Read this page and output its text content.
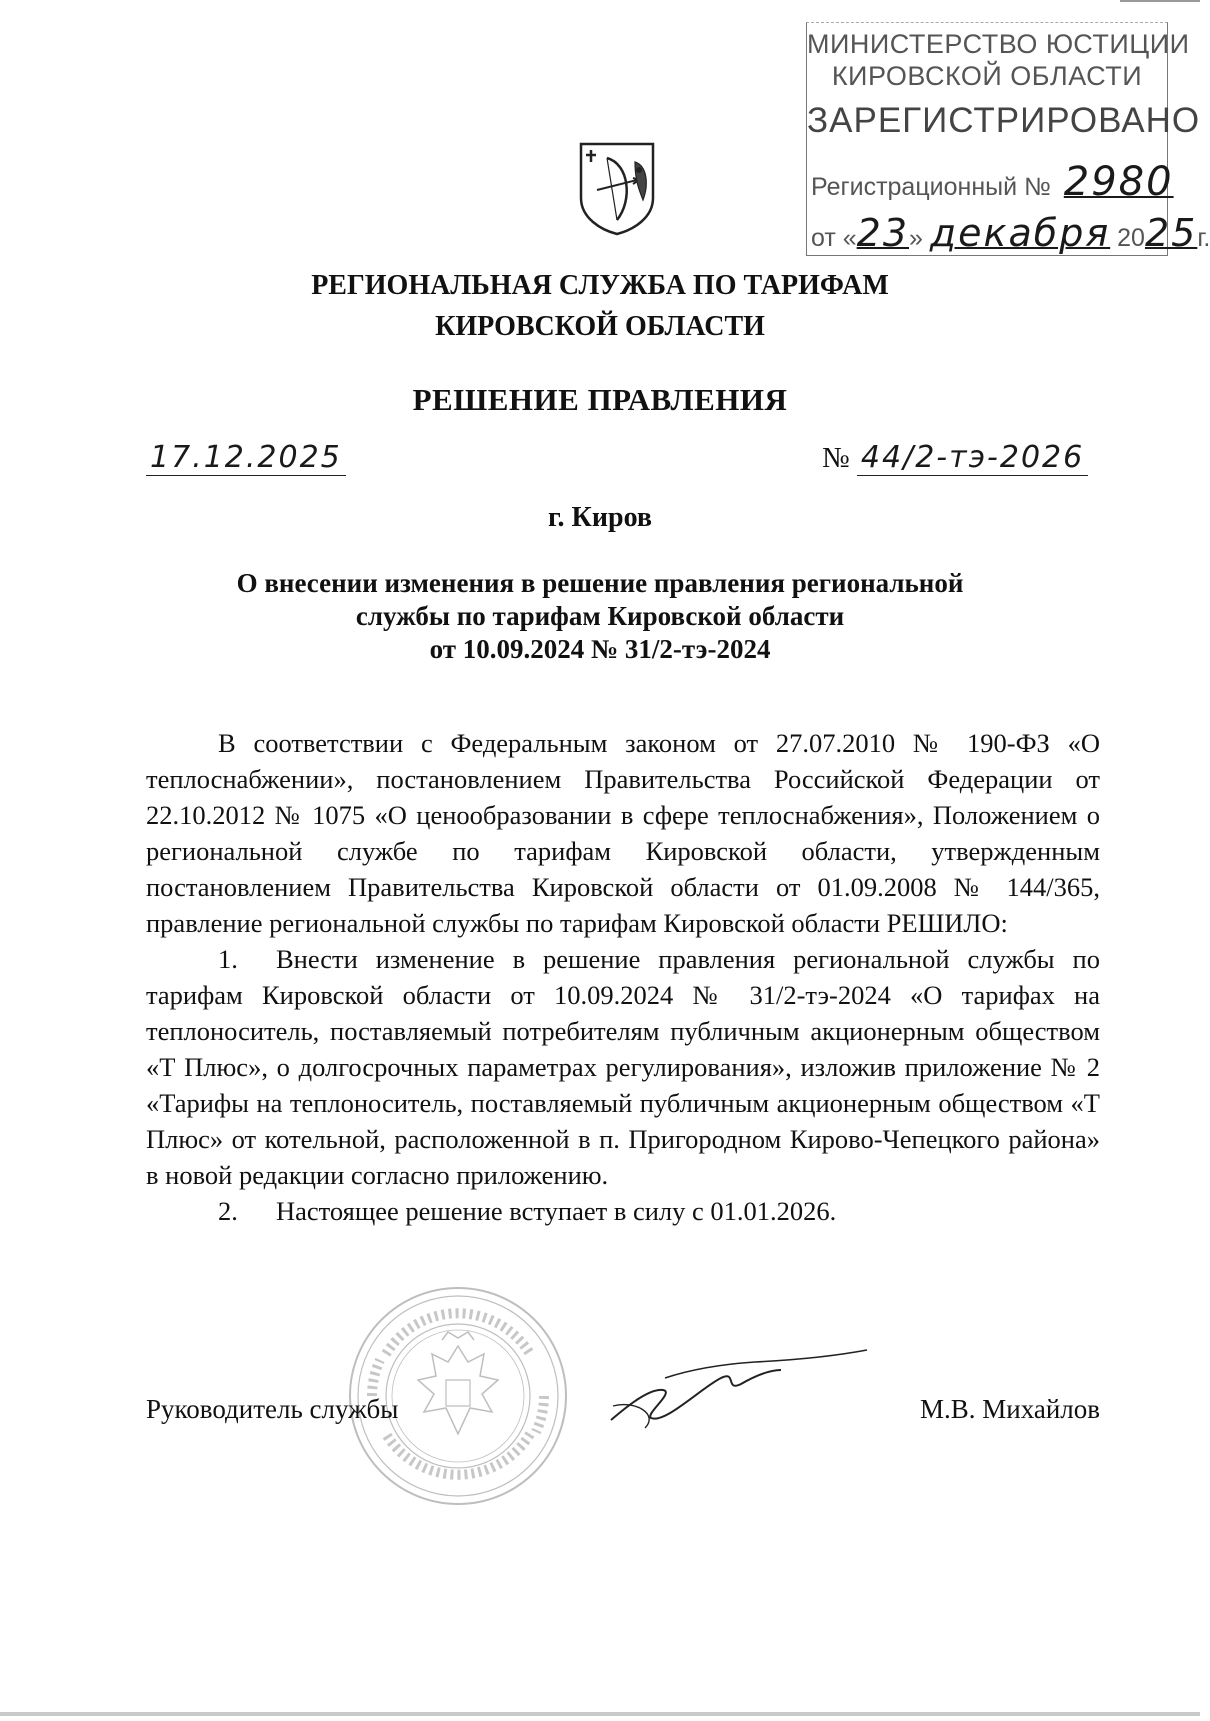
МИНИСТЕРСТВО ЮСТИЦИИ
КИРОВСКОЙ ОБЛАСТИ
ЗАРЕГИСТРИРОВАНО
Регистрационный № 2980
от «23» декабря 2025г.
РЕГИОНАЛЬНАЯ СЛУЖБА ПО ТАРИФАМ
КИРОВСКОЙ ОБЛАСТИ
РЕШЕНИЕ ПРАВЛЕНИЯ
17.12.2025	№ 44/2-тэ-2026
г. Киров
О внесении изменения в решение правления региональной
службы по тарифам Кировской области
от 10.09.2024 № 31/2-тэ-2024

В соответствии с Федеральным законом от 27.07.2010 № 190-ФЗ «О теплоснабжении», постановлением Правительства Российской Федерации от 22.10.2012 № 1075 «О ценообразовании в сфере теплоснабжения», Положением о региональной службе по тарифам Кировской области, утвержденным постановлением Правительства Кировской области от 01.09.2008 № 144/365, правление региональной службы по тарифам Кировской области РЕШИЛО:

1. Внести изменение в решение правления региональной службы по тарифам Кировской области от 10.09.2024 № 31/2-тэ-2024 «О тарифах на теплоноситель, поставляемый потребителям публичным акционерным обществом «Т Плюс», о долгосрочных параметрах регулирования», изложив приложение № 2 «Тарифы на теплоноситель, поставляемый публичным акционерным обществом «Т Плюс» от котельной, расположенной в п. Пригородном Кирово-Чепецкого района» в новой редакции согласно приложению.

2. Настоящее решение вступает в силу с 01.01.2026.

Руководитель службы	М.В. Михайлов
